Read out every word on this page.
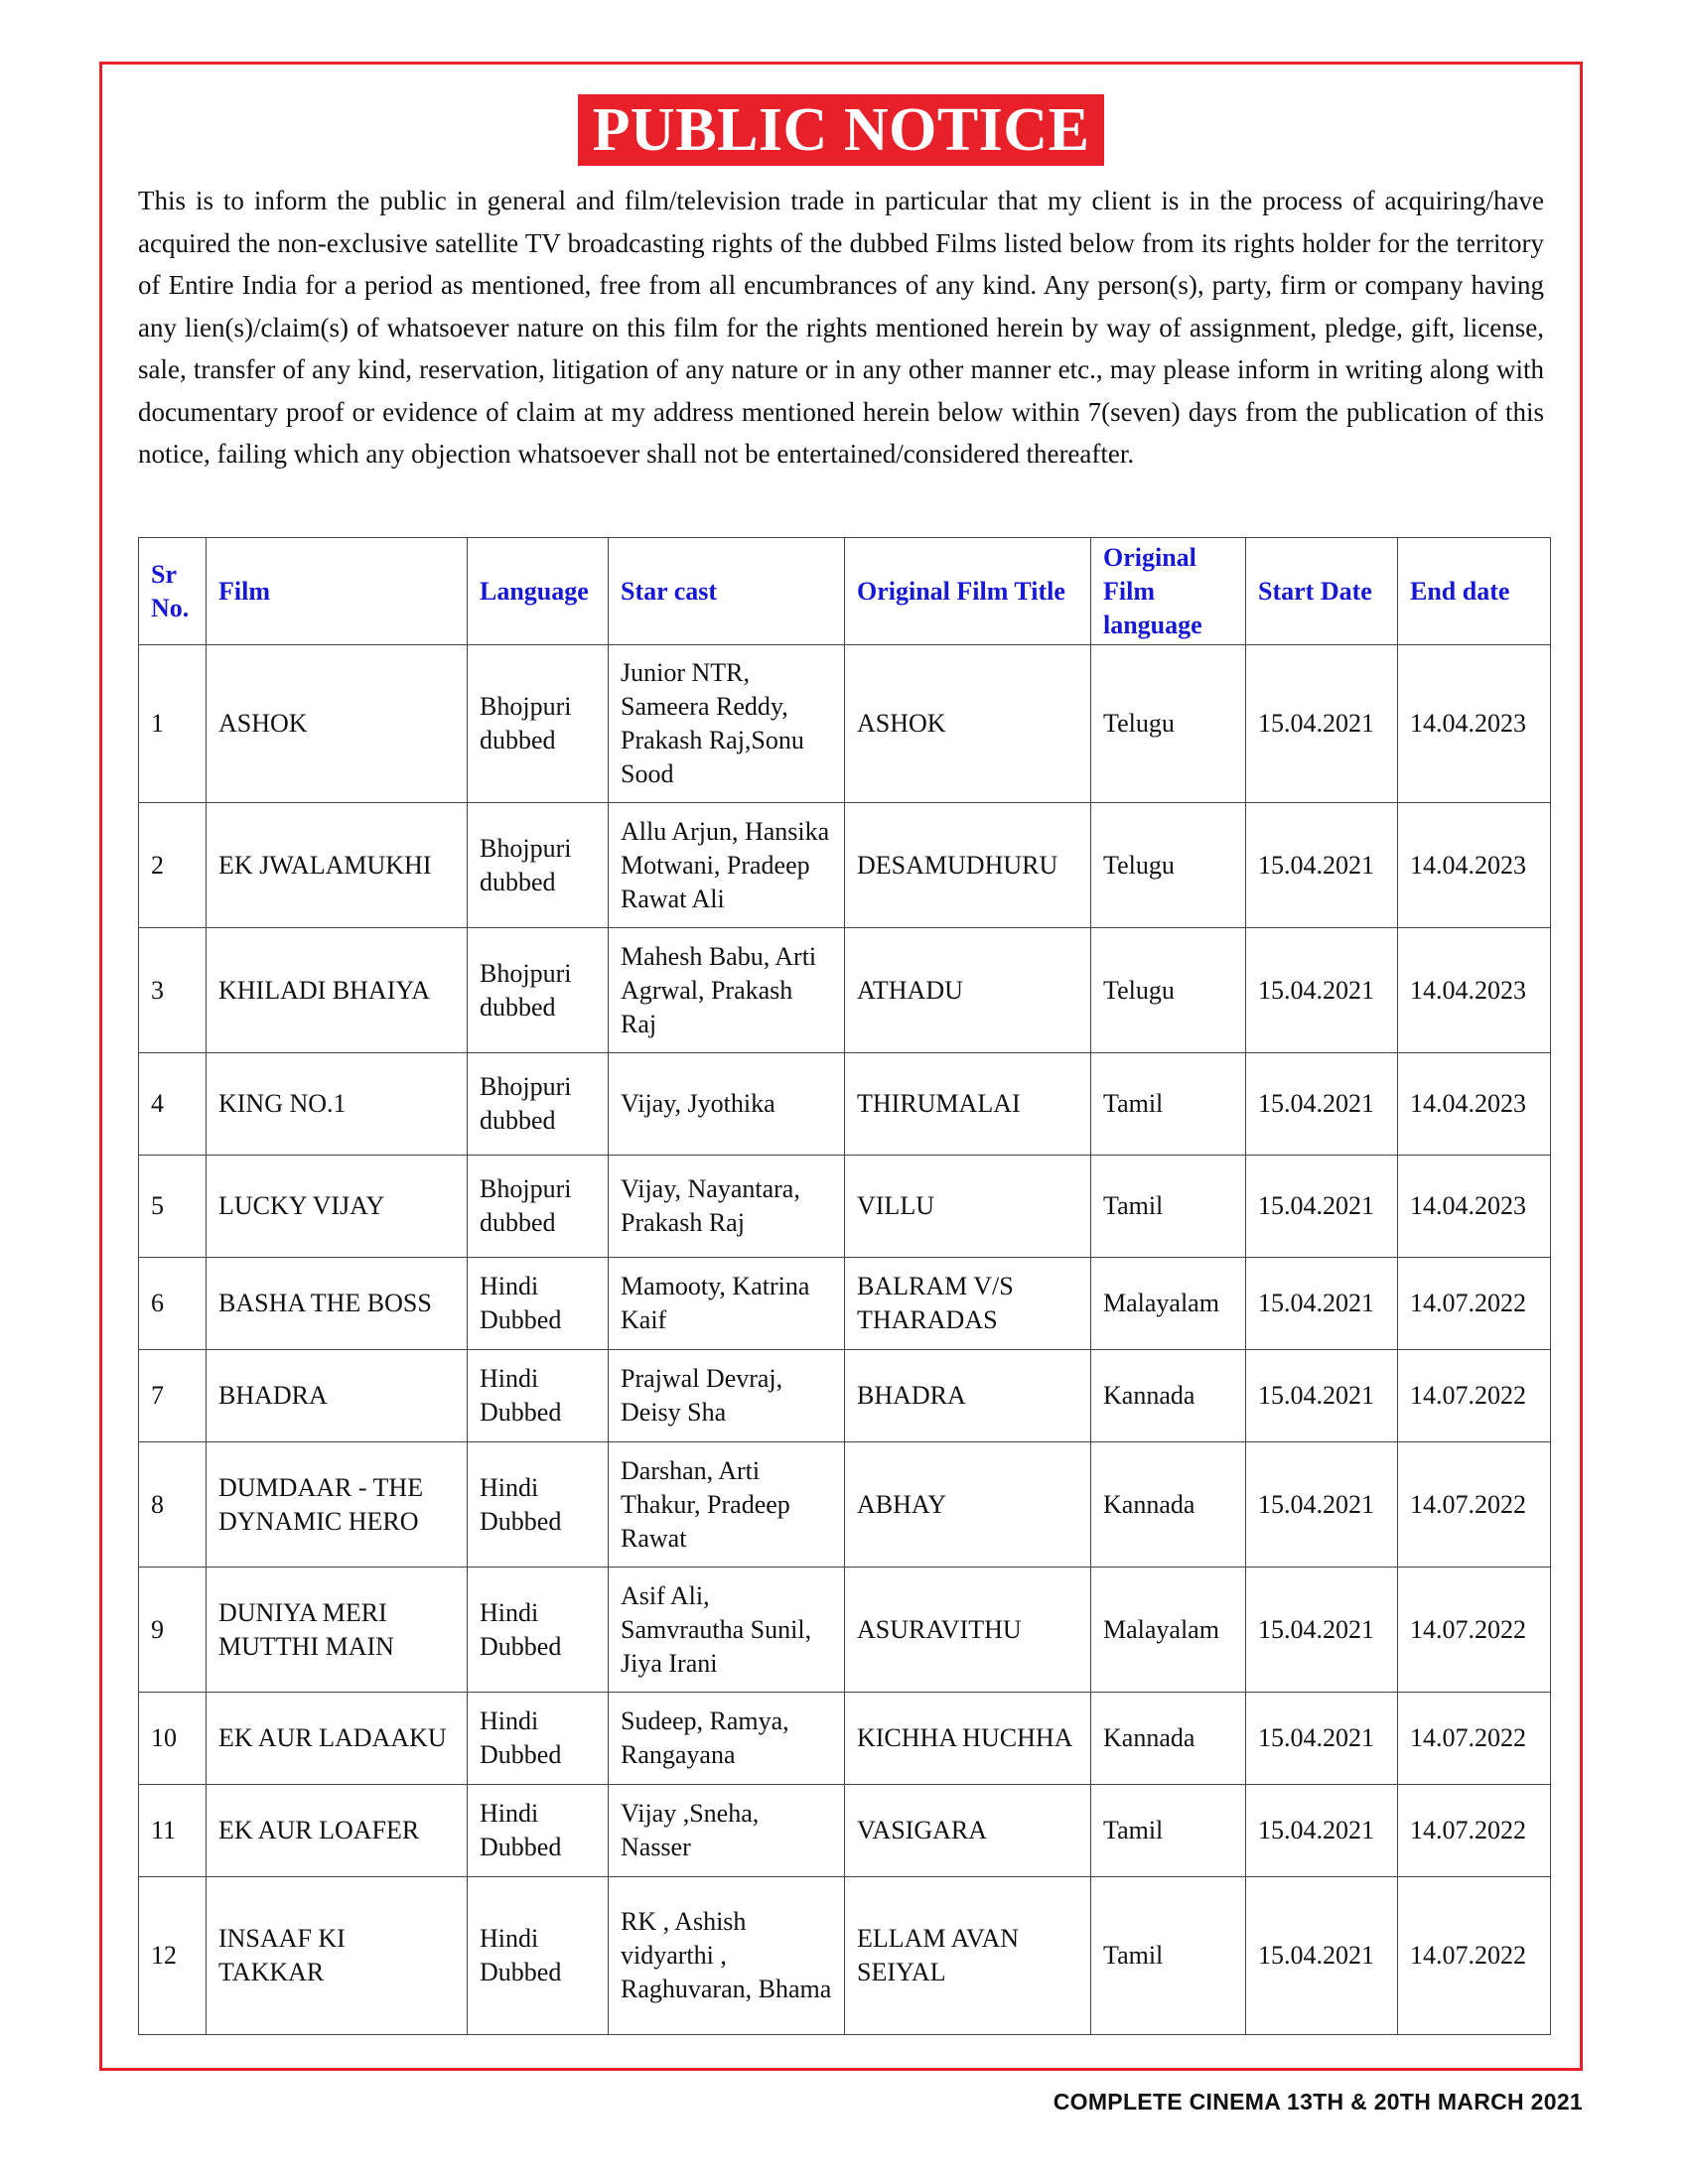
PUBLIC NOTICE

This is to inform the public in general and film/television trade in particular that my client is in the process of acquiring/have acquired the non-exclusive satellite TV broadcasting rights of the dubbed Films listed below from its rights holder for the territory of Entire India for a period as mentioned, free from all encumbrances of any kind. Any person(s), party, firm or company having any lien(s)/claim(s) of whatsoever nature on this film for the rights mentioned herein by way of assignment, pledge, gift, license, sale, transfer of any kind, reservation, litigation of any nature or in any other manner etc., may please inform in writing along with documentary proof or evidence of claim at my address mentioned herein below within 7(seven) days from the publication of this notice, failing which any objection whatsoever shall not be entertained/considered thereafter.

Sr No.	Film	Language	Star cast	Original Film Title	Original Film language	Start Date	End date
1	ASHOK	Bhojpuri dubbed	Junior NTR, Sameera Reddy, Prakash Raj,Sonu Sood	ASHOK	Telugu	15.04.2021	14.04.2023
2	EK JWALAMUKHI	Bhojpuri dubbed	Allu Arjun, Hansika Motwani, Pradeep Rawat Ali	DESAMUDHURU	Telugu	15.04.2021	14.04.2023
3	KHILADI BHAIYA	Bhojpuri dubbed	Mahesh Babu, Arti Agrwal, Prakash Raj	ATHADU	Telugu	15.04.2021	14.04.2023
4	KING NO.1	Bhojpuri dubbed	Vijay, Jyothika	THIRUMALAI	Tamil	15.04.2021	14.04.2023
5	LUCKY VIJAY	Bhojpuri dubbed	Vijay, Nayantara, Prakash Raj	VILLU	Tamil	15.04.2021	14.04.2023
6	BASHA THE BOSS	Hindi Dubbed	Mamooty, Katrina Kaif	BALRAM V/S THARADAS	Malayalam	15.04.2021	14.07.2022
7	BHADRA	Hindi Dubbed	Prajwal Devraj, Deisy Sha	BHADRA	Kannada	15.04.2021	14.07.2022
8	DUMDAAR - THE DYNAMIC HERO	Hindi Dubbed	Darshan, Arti Thakur, Pradeep Rawat	ABHAY	Kannada	15.04.2021	14.07.2022
9	DUNIYA MERI MUTTHI MAIN	Hindi Dubbed	Asif Ali, Samvrautha Sunil, Jiya Irani	ASURAVITHU	Malayalam	15.04.2021	14.07.2022
10	EK AUR LADAAKU	Hindi Dubbed	Sudeep, Ramya, Rangayana	KICHHA HUCHHA	Kannada	15.04.2021	14.07.2022
11	EK AUR LOAFER	Hindi Dubbed	Vijay ,Sneha, Nasser	VASIGARA	Tamil	15.04.2021	14.07.2022
12	INSAAF KI TAKKAR	Hindi Dubbed	RK , Ashish vidyarthi , Raghuvaran, Bhama	ELLAM AVAN SEIYAL	Tamil	15.04.2021	14.07.2022
COMPLETE CINEMA 13TH & 20TH MARCH 2021
